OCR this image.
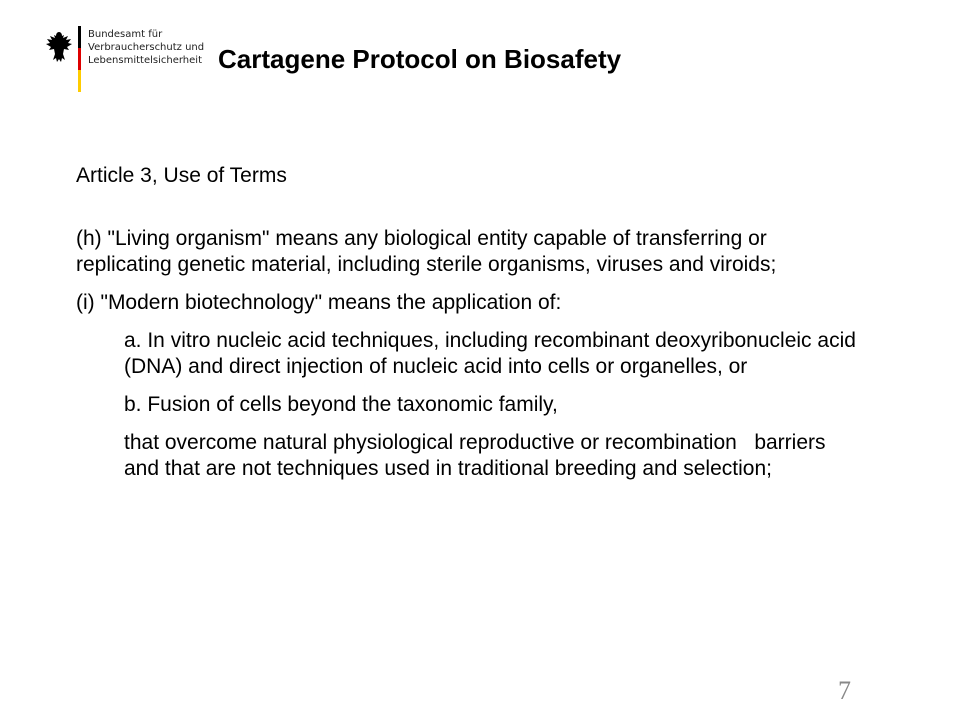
Bundesamt für
Verbraucherschutz und
Lebensmittelsicherheit Cartagene Protocol on Biosafety

Article 3, Use of Terms

(h) "Living organism" means any biological entity capable of transferring or replicating genetic material, including sterile organisms, viruses and viroids;

(i) "Modern biotechnology" means the application of:

a. In vitro nucleic acid techniques, including recombinant deoxyribonucleic acid (DNA) and direct injection of nucleic acid into cells or organelles, or

b. Fusion of cells beyond the taxonomic family,

that overcome natural physiological reproductive or recombination   barriers and that are not techniques used in traditional breeding and selection;

7
